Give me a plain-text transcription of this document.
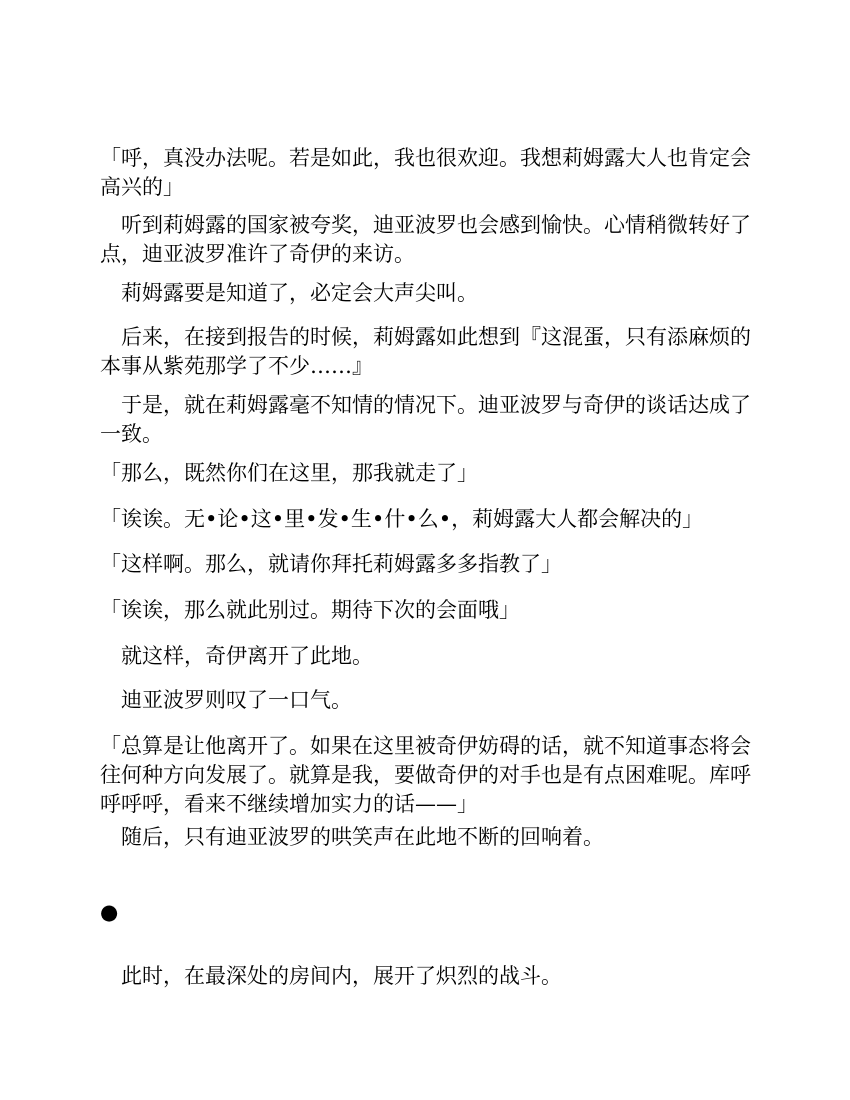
「呼，真没办法呢。若是如此，我也很欢迎。我想莉姆露大人也肯定会高兴的」

听到莉姆露的国家被夸奖，迪亚波罗也会感到愉快。心情稍微转好了点，迪亚波罗准许了奇伊的来访。

莉姆露要是知道了，必定会大声尖叫。

后来，在接到报告的时候，莉姆露如此想到『这混蛋，只有添麻烦的本事从紫苑那学了不少……』

于是，就在莉姆露毫不知情的情况下。迪亚波罗与奇伊的谈话达成了一致。

「那么，既然你们在这里，那我就走了」

「诶诶。无•论•这•里•发•生•什•么•，莉姆露大人都会解决的」

「这样啊。那么，就请你拜托莉姆露多多指教了」

「诶诶，那么就此别过。期待下次的会面哦」

就这样，奇伊离开了此地。

迪亚波罗则叹了一口气。

「总算是让他离开了。如果在这里被奇伊妨碍的话，就不知道事态将会往何种方向发展了。就算是我，要做奇伊的对手也是有点困难呢。库呼呼呼呼，看来不继续增加实力的话——」

随后，只有迪亚波罗的哄笑声在此地不断的回响着。

●

此时，在最深处的房间内，展开了炽烈的战斗。
